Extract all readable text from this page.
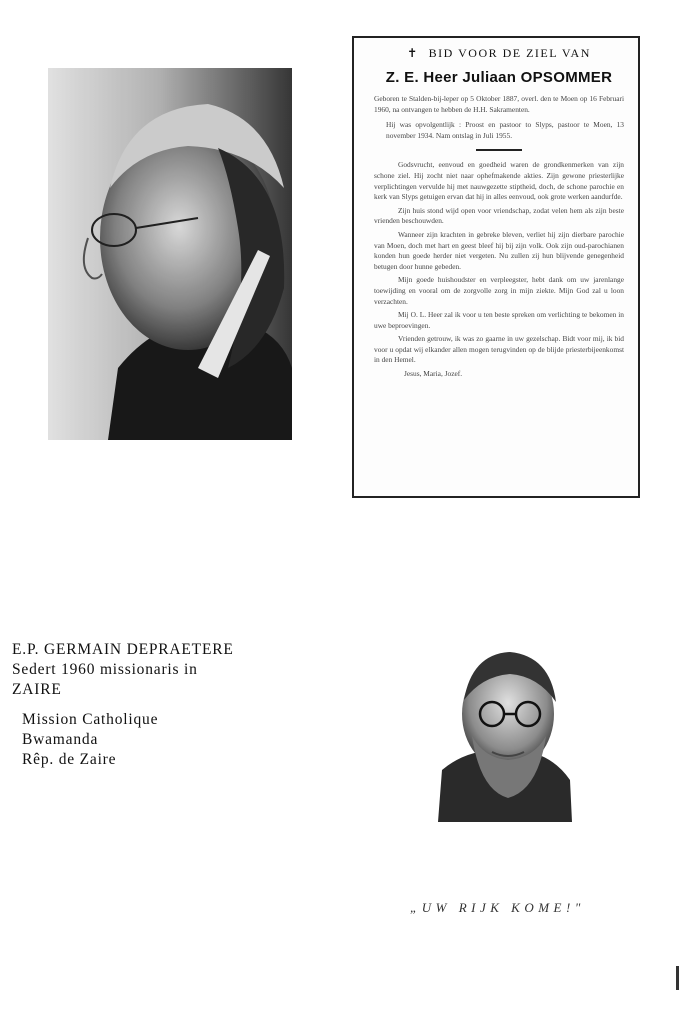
✝ BID VOOR DE ZIEL VAN
Z. E. Heer Juliaan OPSOMMER

Geboren te Stalden-bij-leper op 5 Oktober 1887, overl. den te Moen op 16 Februari 1960, na ontvangen te hebben de H.H. Sakramenten.

Hij was opvolgentlijk : Proost en pastoor to Slyps, pastoor te Moen, 13 november 1934. Nam ontslag in Juli 1955.

Godsvrucht, eenvoud en goedheid waren de grondkenmerken van zijn schone ziel. Hij zocht niet naar ophefmakende akties. Zijn gewone priesterlijke verplichtingen vervulde hij met nauwgezette stiptheid, doch, de schone parochie en kerk van Slyps getuigen ervan dat hij in alles eenvoud, ook grote werken aandurfde.

Zijn huis stond wijd open voor vriendschap, zodat velen hem als zijn beste vrienden beschouwden.

Wanneer zijn krachten in gebreke bleven, verliet hij zijn dierbare parochie van Moen, doch met hart en geest bleef hij bij zijn volk. Ook zijn oud-parochianen konden hun goede herder niet vergeten. Nu zullen zij hun blijvende genegenheid betugen door hunne gebeden.

Mijn goede huishoudster en verpleegster, hebt dank om uw jarenlange toewijding en vooral om de zorgvolle zorg in mijn ziekte. Mijn God zal u loon verzachten.

Mij O. L. Heer zal ik voor u ten beste spreken om verlichting te bekomen in uwe beproevingen.

Vrienden getrouw, ik was zo gaarne in uw gezelschap. Bidt voor mij, ik bid voor u opdat wij elkander allen mogen terugvinden op de blijde priesterbijeenkomst in den Hemel.

Jesus, Maria, Jozef.
E.P. GERMAIN DEPRAETERE
Sedert 1960 missionaris in
ZAIRE
Mission Catholique
Bwamanda
Rêp. de Zaire
„UW RIJK KOME!"
